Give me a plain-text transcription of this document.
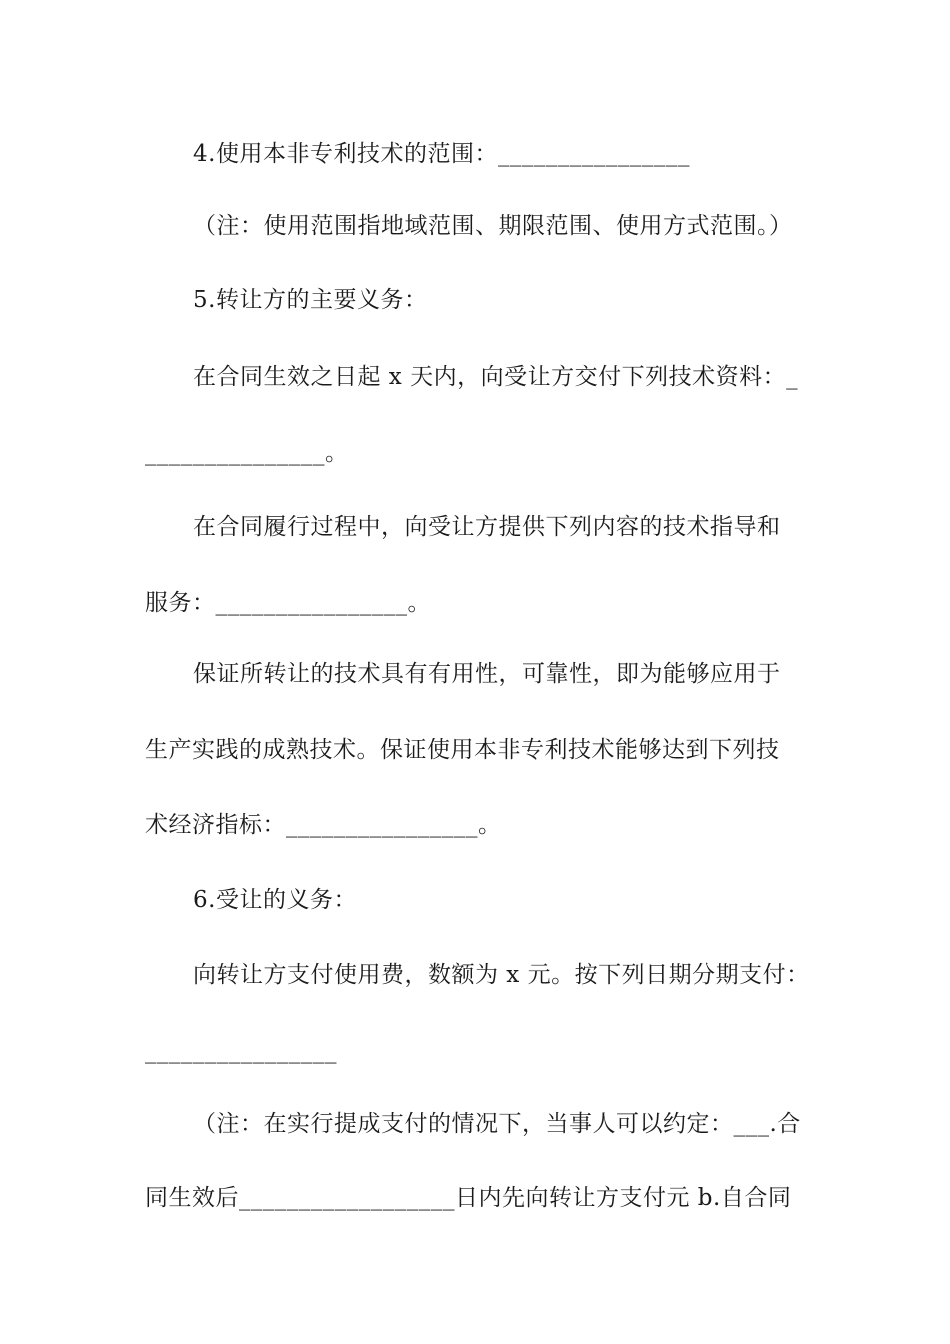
4.使用本非专利技术的范围：________________
（注：使用范围指地域范围、期限范围、使用方式范围。）
5.转让方的主要义务：
在合同生效之日起 x 天内，向受让方交付下列技术资料：_
_______________。
在合同履行过程中，向受让方提供下列内容的技术指导和
服务：________________。
保证所转让的技术具有有用性，可靠性，即为能够应用于
生产实践的成熟技术。保证使用本非专利技术能够达到下列技
术经济指标：________________。
6.受让的义务：
向转让方支付使用费，数额为 x 元。按下列日期分期支付：
________________
（注：在实行提成支付的情况下，当事人可以约定：___.合
同生效后__________________日内先向转让方支付元 b.自合同
